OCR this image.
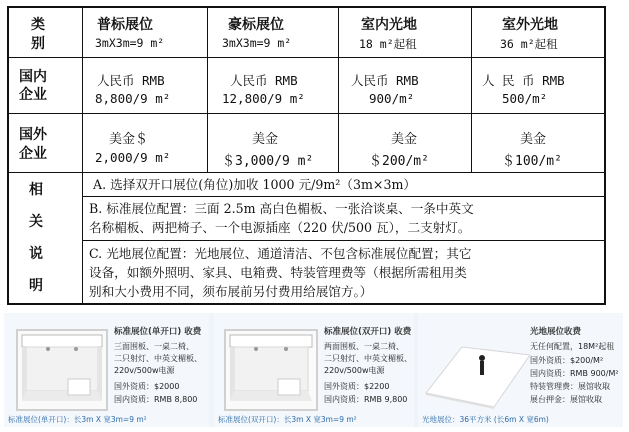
类
别
普标展位
3mX3m=9 m²
豪标展位
3mX3m=9 m²
室内光地
18 m²起租
室外光地
36 m²起租
国内
企业
人民币 RMB
8,800/9 m²
人民币 RMB
12,800/9 m²
人民币 RMB
900/m²
人 民 币 RMB
500/m²
国外
企业
美金＄
2,000/9 m²
美金
＄3,000/9 m²
美金
＄200/m²
美金
＄100/m²
相
关
说
明
A. 选择双开口展位(角位)加收 1000 元/9m²（3m×3m）
B. 标准展位配置：三面 2.5m 高白色楣板、一张洽谈桌、一条中英文
名称楣板、两把椅子、一个电源插座（220 伏/500 瓦），二支射灯。
C. 光地展位配置：光地展位、通道清洁、不包含标准展位配置；其它
设备，如额外照明、家具、电箱费、特装管理费等（根据所需租用类
别和大小费用不同，须布展前另付费用给展馆方。）
标准展位(单开口) 收费
三面围板、一桌二椅、
二只射灯、中英文楣板、
220v/500w电源
国外资质：$2000
国内资质：RMB 8,800
标准展位(单开口)：长3m X 宽3m=9 m²
标准展位(双开口) 收费
两面围板、一桌二椅、
二只射灯、中英文楣板、
220v/500w电源
国外资质：$2200
国内资质：RMB 9,800
标准展位(双开口)：长3m X 宽3m=9 m²
光地展位收费
无任何配置，18M²起租
国外资质：$200/M²
国内资质：RMB 900/M²
特装管理费：展馆收取
展台押金：展馆收取
光地展位：36平方米 (长6m X 宽6m)
